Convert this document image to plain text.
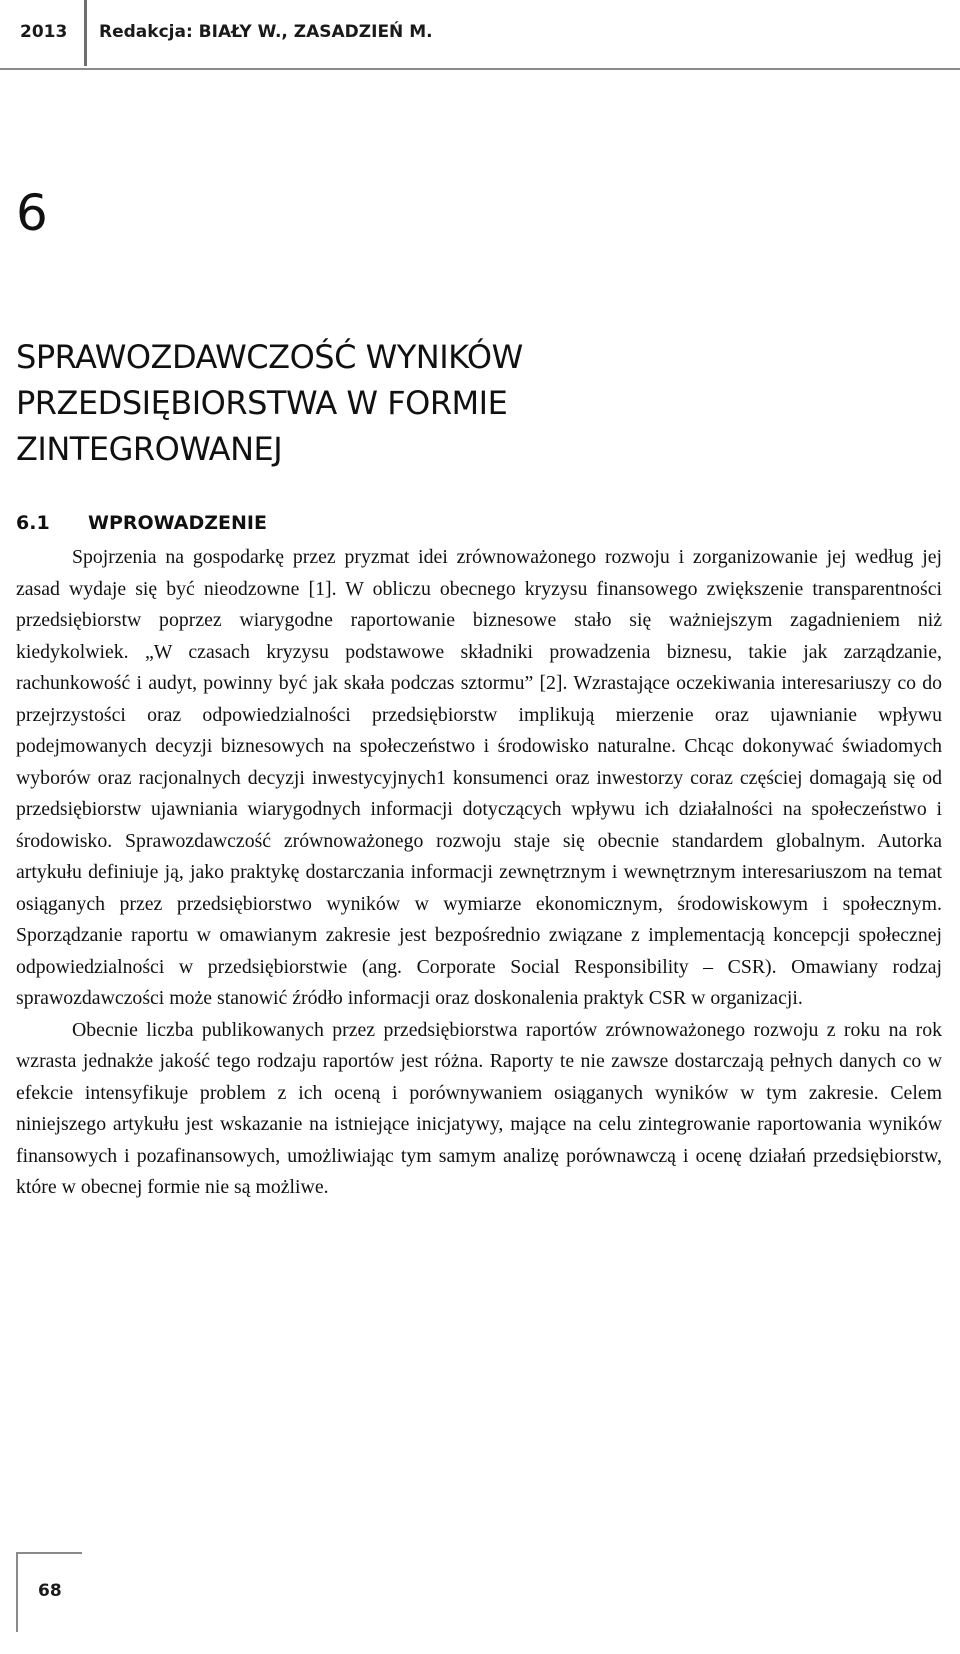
2013 Redakcja: BIAŁY W., ZASADZIEŃ M.
6
SPRAWOZDAWCZOŚĆ WYNIKÓW
PRZEDSIĘBIORSTWA W FORMIE
ZINTEGROWANEJ
6.1 WPROWADZENIE

Spojrzenia na gospodarkę przez pryzmat idei zrównoważonego rozwoju i zorganizowanie jej według jej zasad wydaje się być nieodzowne [1]. W obliczu obecnego kryzysu finansowego zwiększenie transparentności przedsiębiorstw poprzez wiarygodne raportowanie biznesowe stało się ważniejszym zagadnieniem niż kiedykolwiek. „W czasach kryzysu podstawowe składniki prowadzenia biznesu, takie jak zarządzanie, rachunkowość i audyt, powinny być jak skała podczas sztormu” [2]. Wzrastające oczekiwania interesariuszy co do przejrzystości oraz odpowiedzialności przedsiębiorstw implikują mierzenie oraz ujawnianie wpływu podejmowanych decyzji biznesowych na społeczeństwo i środowisko naturalne. Chcąc dokonywać świadomych wyborów oraz racjonalnych decyzji inwestycyjnych1 konsumenci oraz inwestorzy coraz częściej domagają się od przedsiębiorstw ujawniania wiarygodnych informacji dotyczących wpływu ich działalności na społeczeństwo i środowisko. Sprawozdawczość zrównoważonego rozwoju staje się obecnie standardem globalnym. Autorka artykułu definiuje ją, jako praktykę dostarczania informacji zewnętrznym i wewnętrznym interesariuszom na temat osiąganych przez przedsiębiorstwo wyników w wymiarze ekonomicznym, środowiskowym i społecznym. Sporządzanie raportu w omawianym zakresie jest bezpośrednio związane z implementacją koncepcji społecznej odpowiedzialności w przedsiębiorstwie (ang. Corporate Social Responsibility – CSR). Omawiany rodzaj sprawozdawczości może stanowić źródło informacji oraz doskonalenia praktyk CSR w organizacji.

Obecnie liczba publikowanych przez przedsiębiorstwa raportów zrównoważonego rozwoju z roku na rok wzrasta jednakże jakość tego rodzaju raportów jest różna. Raporty te nie zawsze dostarczają pełnych danych co w efekcie intensyfikuje problem z ich oceną i porównywaniem osiąganych wyników w tym zakresie. Celem niniejszego artykułu jest wskazanie na istniejące inicjatywy, mające na celu zintegrowanie raportowania wyników finansowych i pozafinansowych, umożliwiając tym samym analizę porównawczą i ocenę działań przedsiębiorstw, które w obecnej formie nie są możliwe.

68
